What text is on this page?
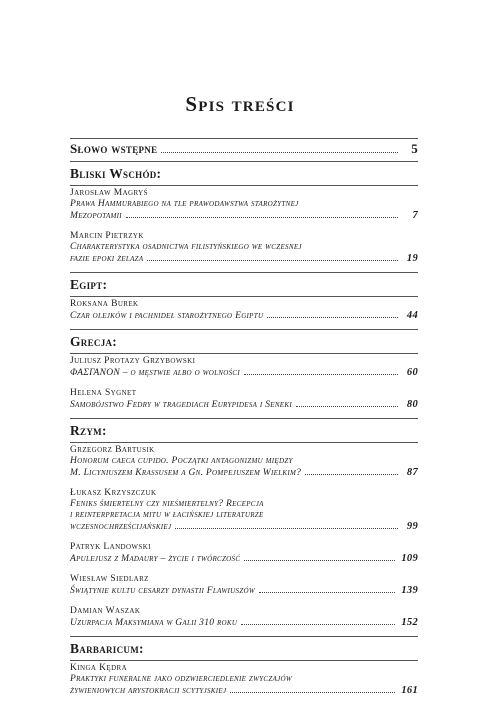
Spis treści
Słowo wstępne	5
Bliski Wschód:
Jarosław Magryś
Prawa Hammurabiego na tle prawodawstwa starożytnej
Mezopotamii	7
Marcin Pietrzyk
Charakterystyka osadnictwa filistyńskiego we wczesnej
fazie epoki żelaza	19
Egipt:
Roksana Burek
Czar olejków i pachnideł starożytnego Egiptu	44
Grecja:
Juliusz Protazy Grzybowski
ΦΑΣΓΑΝΟΝ – o męstwie albo o wolności	60
Helena Sygnet
Samobójstwo Fedry w tragediach Eurypidesa i Seneki	80
Rzym:
Grzegorz Bartusik
Honorum caeca cupido. Początki antagonizmu między
M. Licyniuszem Krassusem a Gn. Pompejuszem Wielkim?	87
Łukasz Krzyszczuk
Feniks śmiertelny czy nieśmiertelny? Recepcja
i reinterpretacja mitu w łacińskiej literaturze
wczesnochrześcijańskiej	99
Patryk Landowski
Apulejusz z Madaury – życie i twórczość	109
Wiesław Siedlarz
Świątynie kultu cesarzy dynastii Flawiuszów	139
Damian Waszak
Uzurpacja Maksymiana w Galii 310 roku	152
Barbaricum:
Kinga Kędra
Praktyki funeralne jako odzwierciedlenie zwyczajów
żywieniowych arystokracji scytyjskiej	161
